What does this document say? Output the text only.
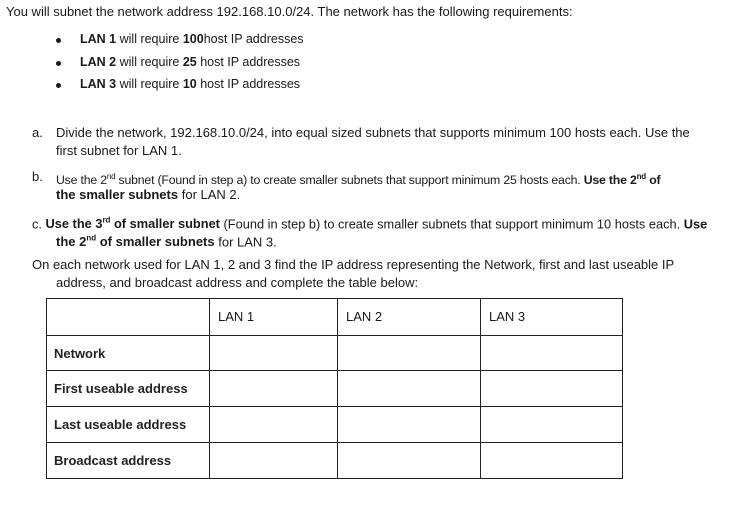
You will subnet the network address 192.168.10.0/24. The network has the following requirements:
LAN 1 will require 100host IP addresses
LAN 2 will require 25 host IP addresses
LAN 3 will require 10 host IP addresses
a. Divide the network, 192.168.10.0/24, into equal sized subnets that supports minimum 100 hosts each. Use the
first subnet for LAN 1.
b. Use the 2nd subnet (Found in step a) to create smaller subnets that support minimum 25 hosts each. Use the 2nd of
the smaller subnets for LAN 2.
c. Use the 3rd of smaller subnet (Found in step b) to create smaller subnets that support minimum 10 hosts each. Use
the 2nd of smaller subnets for LAN 3.
On each network used for LAN 1, 2 and 3 find the IP address representing the Network, first and last useable IP
address, and broadcast address and complete the table below:
	LAN 1	LAN 2	LAN 3
Network			
First useable address			
Last useable address			
Broadcast address			
